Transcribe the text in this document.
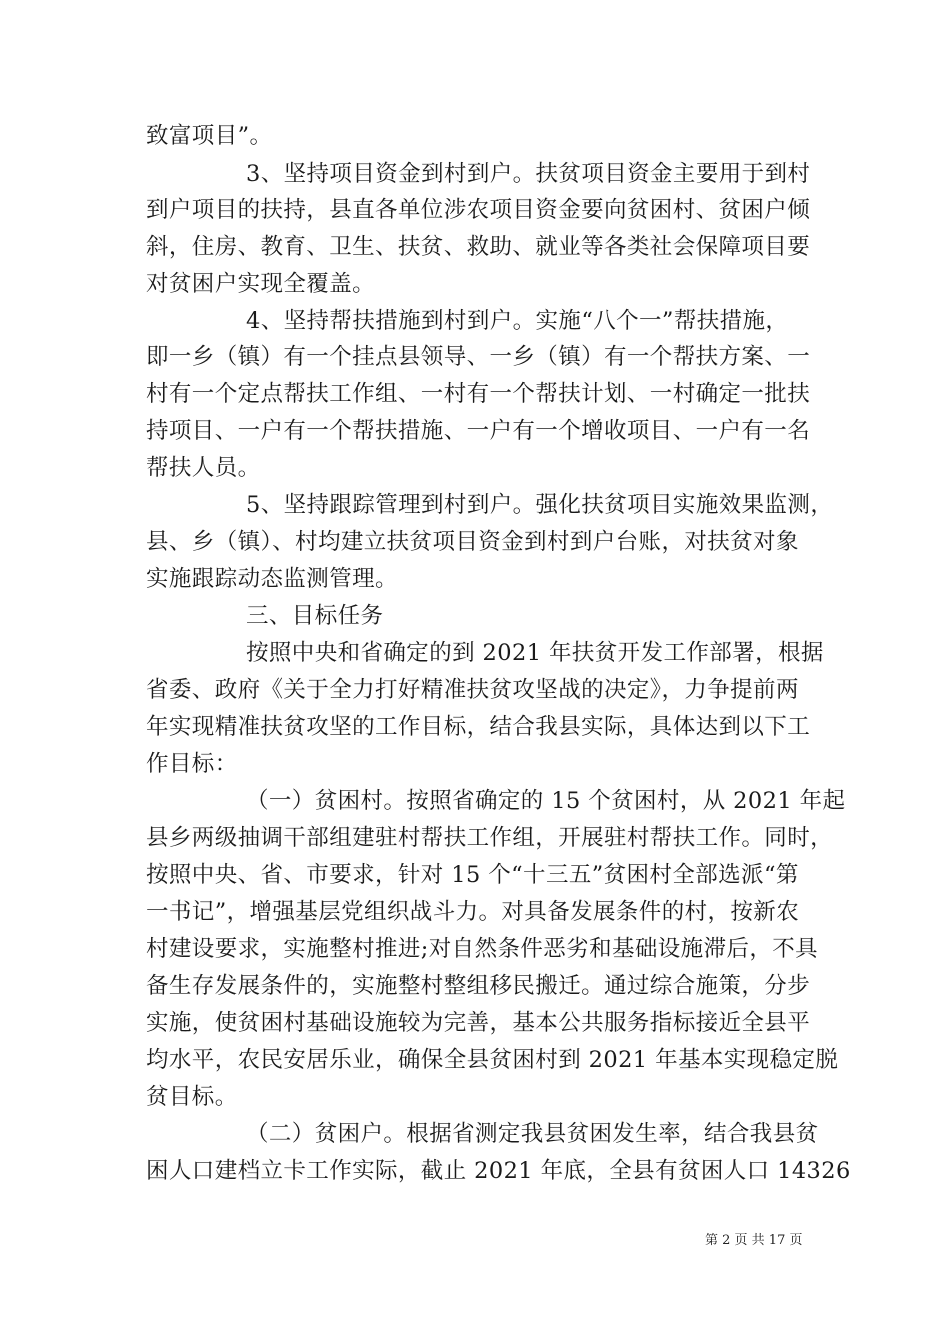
致富项目”。
3、坚持项目资金到村到户。扶贫项目资金主要用于到村
到户项目的扶持，县直各单位涉农项目资金要向贫困村、贫困户倾
斜，住房、教育、卫生、扶贫、救助、就业等各类社会保障项目要
对贫困户实现全覆盖。
4、坚持帮扶措施到村到户。实施“八个一”帮扶措施，
即一乡（镇）有一个挂点县领导、一乡（镇）有一个帮扶方案、一
村有一个定点帮扶工作组、一村有一个帮扶计划、一村确定一批扶
持项目、一户有一个帮扶措施、一户有一个增收项目、一户有一名
帮扶人员。
5、坚持跟踪管理到村到户。强化扶贫项目实施效果监测，
县、乡（镇）、村均建立扶贫项目资金到村到户台账，对扶贫对象
实施跟踪动态监测管理。
三、目标任务
按照中央和省确定的到 2021 年扶贫开发工作部署，根据
省委、政府《关于全力打好精准扶贫攻坚战的决定》，力争提前两
年实现精准扶贫攻坚的工作目标，结合我县实际，具体达到以下工
作目标：
（一）贫困村。按照省确定的 15 个贫困村，从 2021 年起
县乡两级抽调干部组建驻村帮扶工作组，开展驻村帮扶工作。同时，
按照中央、省、市要求，针对 15 个“十三五”贫困村全部选派“第
一书记”，增强基层党组织战斗力。对具备发展条件的村，按新农
村建设要求，实施整村推进;对自然条件恶劣和基础设施滞后，不具
备生存发展条件的，实施整村整组移民搬迁。通过综合施策，分步
实施，使贫困村基础设施较为完善，基本公共服务指标接近全县平
均水平，农民安居乐业，确保全县贫困村到 2021 年基本实现稳定脱
贫目标。
（二）贫困户。根据省测定我县贫困发生率，结合我县贫
困人口建档立卡工作实际，截止 2021 年底，全县有贫困人口 14326
第 2 页 共 17 页
